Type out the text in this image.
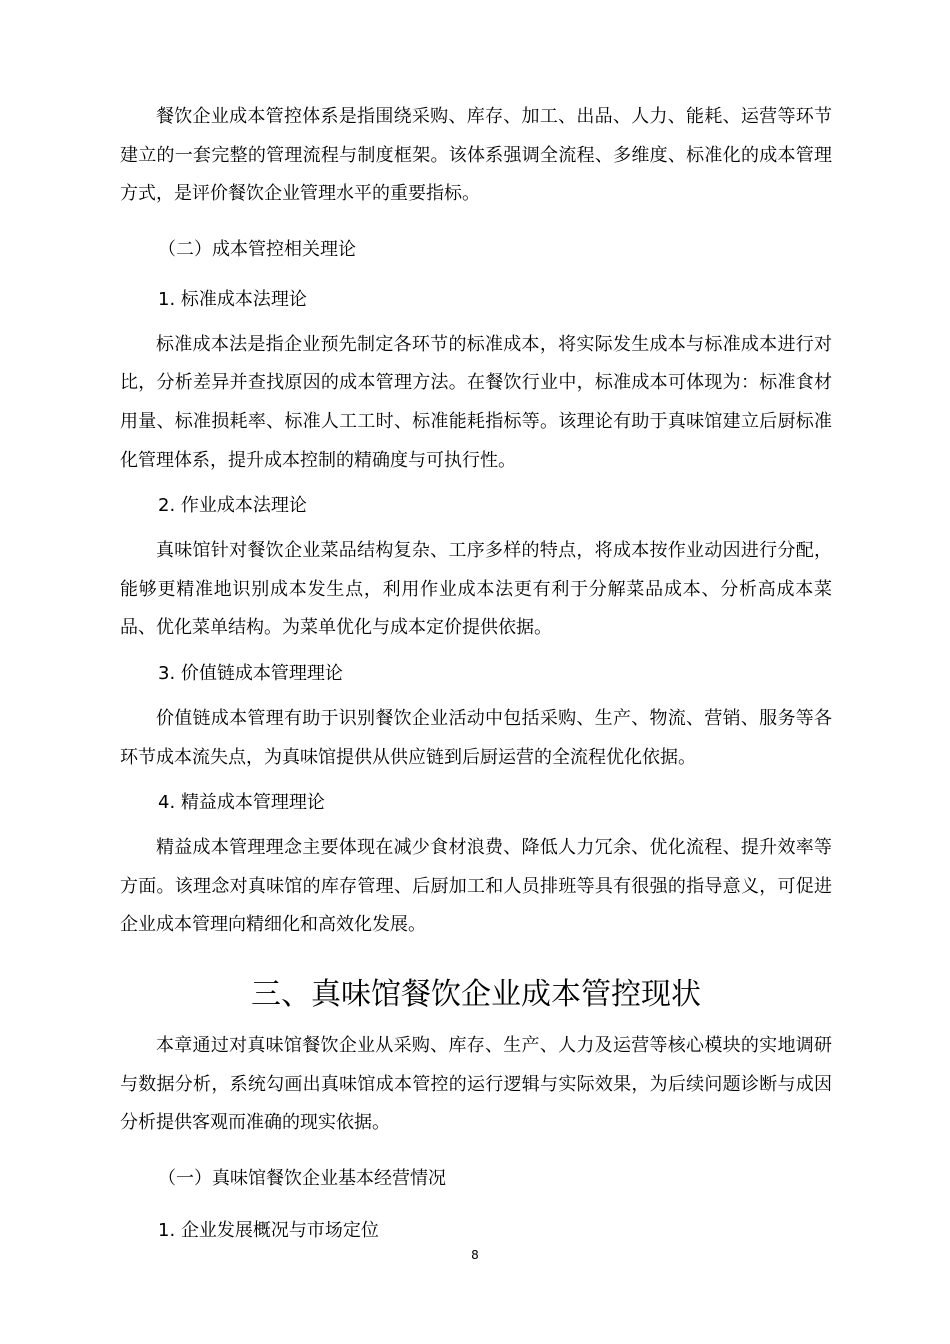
餐饮企业成本管控体系是指围绕采购、库存、加工、出品、人力、能耗、运营等环节建立的一套完整的管理流程与制度框架。该体系强调全流程、多维度、标准化的成本管理方式，是评价餐饮企业管理水平的重要指标。

（二）成本管控相关理论

1. 标准成本法理论

标准成本法是指企业预先制定各环节的标准成本，将实际发生成本与标准成本进行对比，分析差异并查找原因的成本管理方法。在餐饮行业中，标准成本可体现为：标准食材用量、标准损耗率、标准人工工时、标准能耗指标等。该理论有助于真味馆建立后厨标准化管理体系，提升成本控制的精确度与可执行性。

2. 作业成本法理论

真味馆针对餐饮企业菜品结构复杂、工序多样的特点，将成本按作业动因进行分配，能够更精准地识别成本发生点，利用作业成本法更有利于分解菜品成本、分析高成本菜品、优化菜单结构。为菜单优化与成本定价提供依据。

3. 价值链成本管理理论

价值链成本管理有助于识别餐饮企业活动中包括采购、生产、物流、营销、服务等各环节成本流失点，为真味馆提供从供应链到后厨运营的全流程优化依据。

4. 精益成本管理理论

精益成本管理理念主要体现在减少食材浪费、降低人力冗余、优化流程、提升效率等方面。该理念对真味馆的库存管理、后厨加工和人员排班等具有很强的指导意义，可促进企业成本管理向精细化和高效化发展。

三、真味馆餐饮企业成本管控现状

本章通过对真味馆餐饮企业从采购、库存、生产、人力及运营等核心模块的实地调研与数据分析，系统勾画出真味馆成本管控的运行逻辑与实际效果，为后续问题诊断与成因分析提供客观而准确的现实依据。

（一）真味馆餐饮企业基本经营情况

1. 企业发展概况与市场定位

8
